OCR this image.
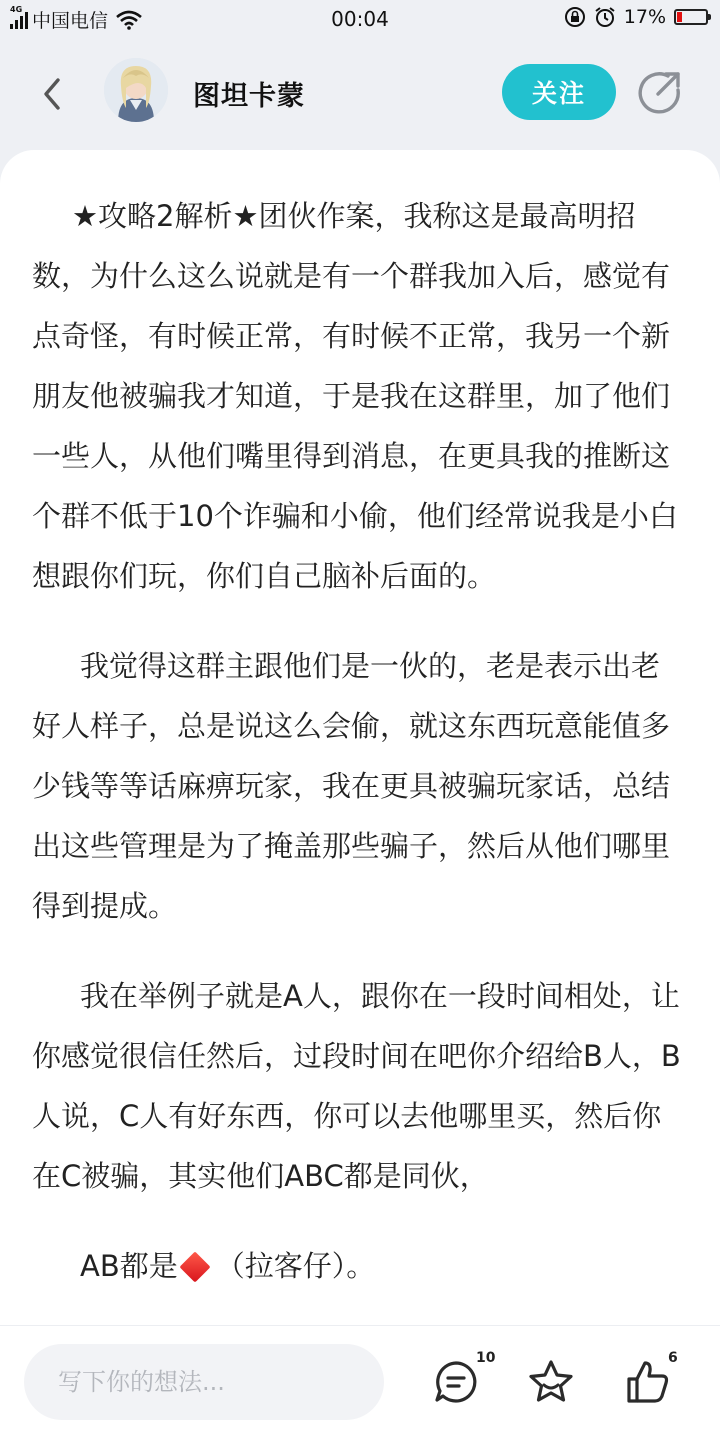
4G
中国电信	00:04	17%
图坦卡蒙	关注

★攻略2解析★团伙作案，我称这是最高明招数，为什么这么说就是有一个群我加入后，感觉有点奇怪，有时候正常，有时候不正常，我另一个新朋友他被骗我才知道，于是我在这群里，加了他们一些人，从他们嘴里得到消息，在更具我的推断这个群不低于10个诈骗和小偷，他们经常说我是小白想跟你们玩，你们自己脑补后面的。

我觉得这群主跟他们是一伙的，老是表示出老好人样子，总是说这么会偷，就这东西玩意能值多少钱等等话麻痹玩家，我在更具被骗玩家话，总结出这些管理是为了掩盖那些骗子，然后从他们哪里得到提成。

我在举例子就是A人，跟你在一段时间相处，让你感觉很信任然后，过段时间在吧你介绍给B人，B人说，C人有好东西，你可以去他哪里买，然后你在C被骗，其实他们ABC都是同伙，

AB都是 （拉客仔）。

写下你的想法...
10	6
